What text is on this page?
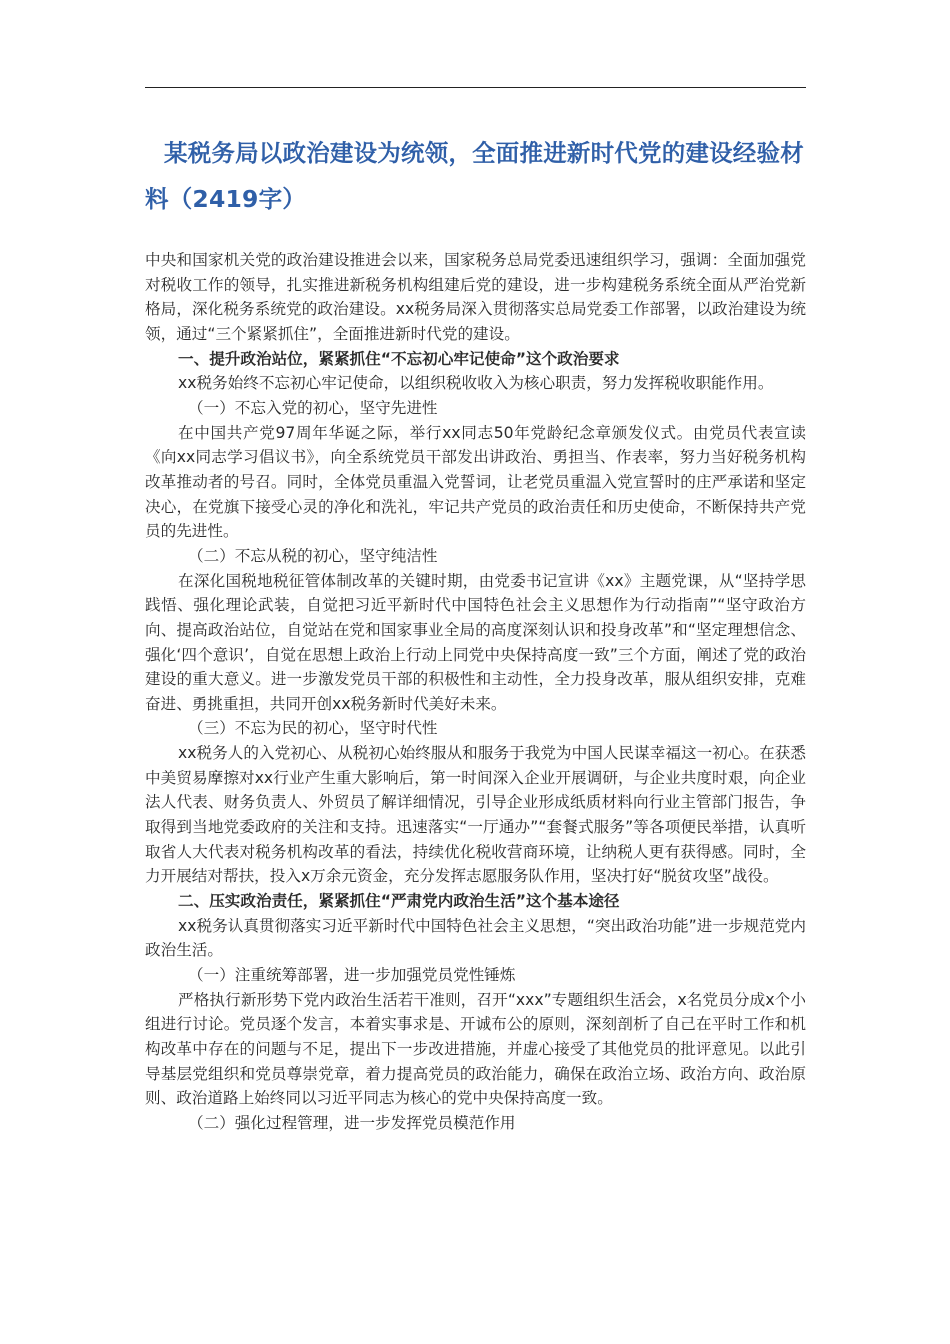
某税务局以政治建设为统领，全面推进新时代党的建设经验材料（2419字）

中央和国家机关党的政治建设推进会以来，国家税务总局党委迅速组织学习，强调：全面加强党对税收工作的领导，扎实推进新税务机构组建后党的建设，进一步构建税务系统全面从严治党新格局，深化税务系统党的政治建设。xx税务局深入贯彻落实总局党委工作部署，以政治建设为统领，通过“三个紧紧抓住”，全面推进新时代党的建设。

一、提升政治站位，紧紧抓住“不忘初心牢记使命”这个政治要求

xx税务始终不忘初心牢记使命，以组织税收收入为核心职责，努力发挥税收职能作用。

（一）不忘入党的初心，坚守先进性

在中国共产党97周年华诞之际，举行xx同志50年党龄纪念章颁发仪式。由党员代表宣读《向xx同志学习倡议书》，向全系统党员干部发出讲政治、勇担当、作表率，努力当好税务机构改革推动者的号召。同时，全体党员重温入党誓词，让老党员重温入党宣誓时的庄严承诺和坚定决心，在党旗下接受心灵的净化和洗礼，牢记共产党员的政治责任和历史使命，不断保持共产党员的先进性。

（二）不忘从税的初心，坚守纯洁性

在深化国税地税征管体制改革的关键时期，由党委书记宣讲《xx》主题党课，从“坚持学思践悟、强化理论武装，自觉把习近平新时代中国特色社会主义思想作为行动指南”“坚守政治方向、提高政治站位，自觉站在党和国家事业全局的高度深刻认识和投身改革”和“坚定理想信念、强化‘四个意识’，自觉在思想上政治上行动上同党中央保持高度一致”三个方面，阐述了党的政治建设的重大意义。进一步激发党员干部的积极性和主动性，全力投身改革，服从组织安排，克难奋进、勇挑重担，共同开创xx税务新时代美好未来。

（三）不忘为民的初心，坚守时代性

xx税务人的入党初心、从税初心始终服从和服务于我党为中国人民谋幸福这一初心。在获悉中美贸易摩擦对xx行业产生重大影响后，第一时间深入企业开展调研，与企业共度时艰，向企业法人代表、财务负责人、外贸员了解详细情况，引导企业形成纸质材料向行业主管部门报告，争取得到当地党委政府的关注和支持。迅速落实“一厅通办”“套餐式服务”等各项便民举措，认真听取省人大代表对税务机构改革的看法，持续优化税收营商环境，让纳税人更有获得感。同时，全力开展结对帮扶，投入x万余元资金，充分发挥志愿服务队作用，坚决打好“脱贫攻坚”战役。

二、压实政治责任，紧紧抓住“严肃党内政治生活”这个基本途径

xx税务认真贯彻落实习近平新时代中国特色社会主义思想，“突出政治功能”进一步规范党内政治生活。

（一）注重统筹部署，进一步加强党员党性锤炼

严格执行新形势下党内政治生活若干准则，召开“xxx”专题组织生活会，x名党员分成x个小组进行讨论。党员逐个发言，本着实事求是、开诚布公的原则，深刻剖析了自己在平时工作和机构改革中存在的问题与不足，提出下一步改进措施，并虚心接受了其他党员的批评意见。以此引导基层党组织和党员尊崇党章，着力提高党员的政治能力，确保在政治立场、政治方向、政治原则、政治道路上始终同以习近平同志为核心的党中央保持高度一致。

（二）强化过程管理，进一步发挥党员模范作用
